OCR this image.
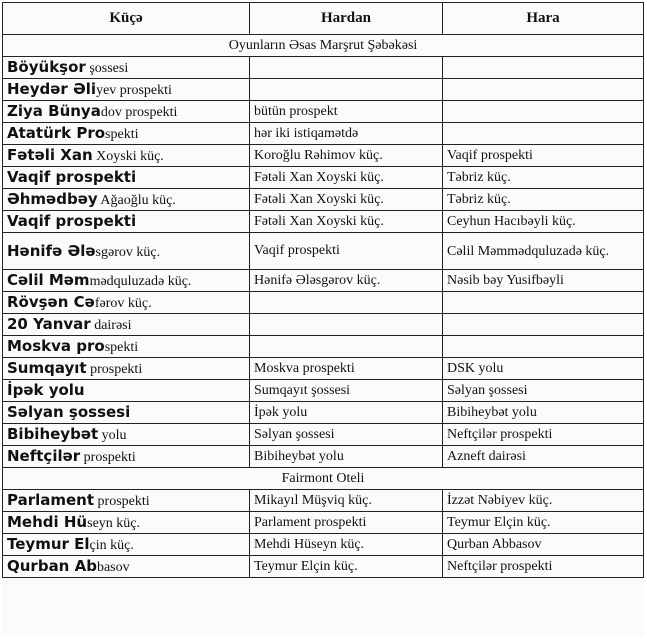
Küçə	Hardan	Hara
Oyunların Əsas Marşrut Şəbəkəsi		
Böyükşor şossesi		
Heydər Əliyev prospekti		
Ziya Bünyadov prospekti	bütün prospekt	
Atatürk Prospekti	hər iki istiqamətdə	
Fətəli Xan Xoyski küç.	Koroğlu Rəhimov küç.	Vaqif prospekti
Vaqif prospekti	Fətəli Xan Xoyski küç.	Təbriz küç.
Əhmədbəy Ağaoğlu küç.	Fətəli Xan Xoyski küç.	Təbriz küç.
Vaqif prospekti	Fətəli Xan Xoyski küç.	Ceyhun Hacıbəyli küç.
Hənifə Ələsgərov küç.	Vaqif prospekti	Cəlil Məmmədquluzadə küç.

Cəlil Məmmədquluzadə küç.	Hənifə Ələsgərov küç.	Nəsib bəy Yusifbəyli
Rövşən Cəfərov küç.		
20 Yanvar dairəsi		
Moskva prospekti		
Sumqayıt prospekti	Moskva prospekti	DSK yolu
İpək yolu	Sumqayıt şossesi	Səlyan şossesi
Səlyan şossesi	İpək yolu	Bibiheybət yolu
Bibiheybət yolu	Səlyan şossesi	Neftçilər prospekti
Neftçilər prospekti	Bibiheybət yolu	Azneft dairəsi
Fairmont Oteli		
Parlament prospekti	Mikayıl Müşviq küç.	İzzət Nəbiyev küç.
Mehdi Hüseyn küç.	Parlament prospekti	Teymur Elçin küç.
Teymur Elçin küç.	Mehdi Hüseyn küç.	Qurban Abbasov
Qurban Abbasov	Teymur Elçin küç.	Neftçilər prospekti
